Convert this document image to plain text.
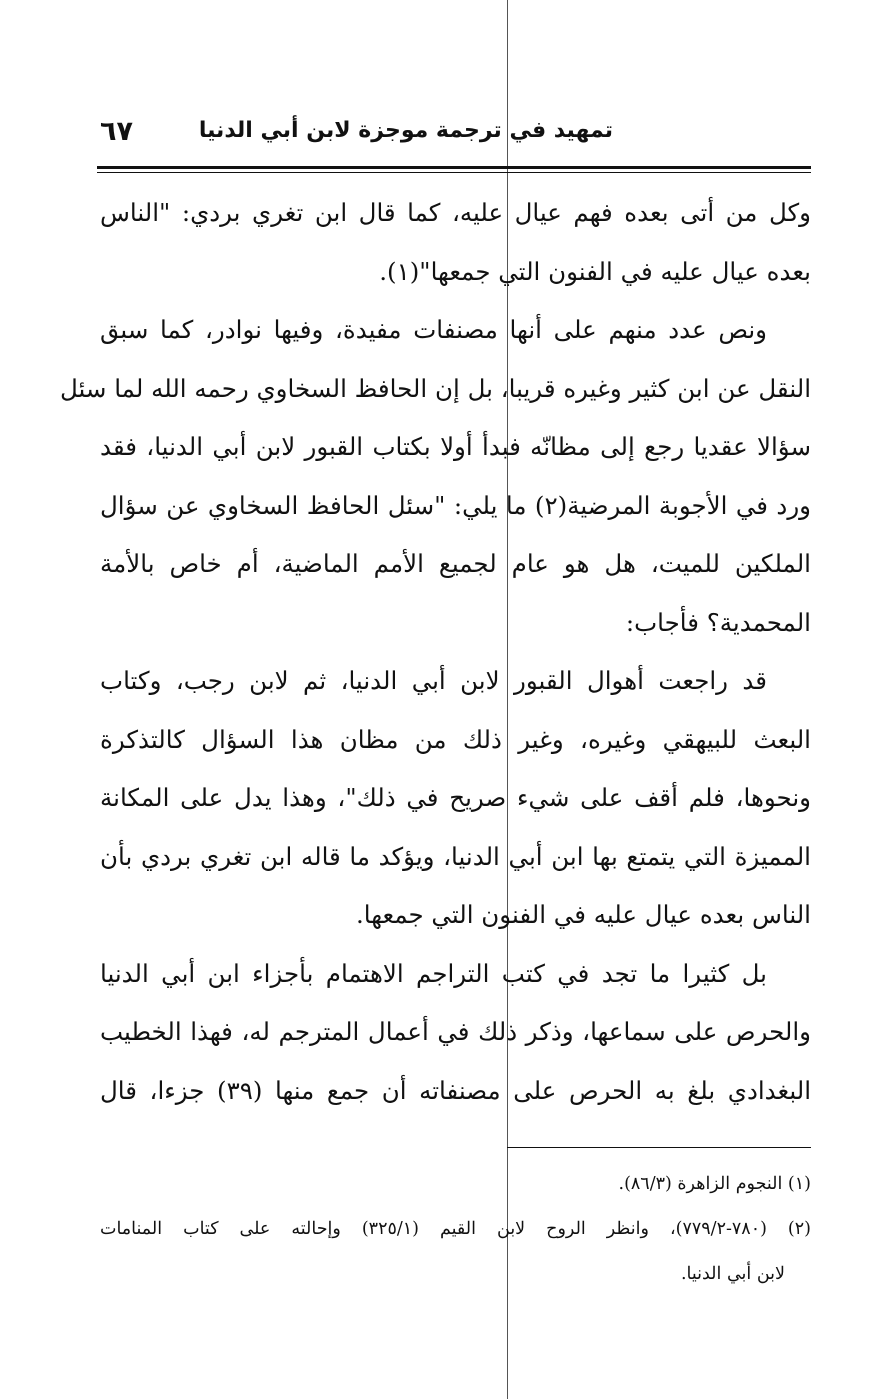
٦٧	تمهيد في ترجمة موجزة لابن أبي الدنيا
وكل من أتى بعده فهم عيال عليه، كما قال ابن تغري بردي: "الناس
بعده عيال عليه في الفنون التي جمعها"(١).
ونص عدد منهم على أنها مصنفات مفيدة، وفيها نوادر، كما سبق
النقل عن ابن كثير وغيره قريبا، بل إن الحافظ السخاوي رحمه الله لما سئل
سؤالا عقديا رجع إلى مظانّه فبدأ أولا بكتاب القبور لابن أبي الدنيا، فقد
ورد في الأجوبة المرضية(٢) ما يلي: "سئل الحافظ السخاوي عن سؤال
الملكين للميت، هل هو عام لجميع الأمم الماضية، أم خاص بالأمة
المحمدية؟ فأجاب:
قد راجعت أهوال القبور لابن أبي الدنيا، ثم لابن رجب، وكتاب
البعث للبيهقي وغيره، وغير ذلك من مظان هذا السؤال كالتذكرة
ونحوها، فلم أقف على شيء صريح في ذلك"، وهذا يدل على المكانة
المميزة التي يتمتع بها ابن أبي الدنيا، ويؤكد ما قاله ابن تغري بردي بأن
الناس بعده عيال عليه في الفنون التي جمعها.
بل كثيرا ما تجد في كتب التراجم الاهتمام بأجزاء ابن أبي الدنيا
والحرص على سماعها، وذكر ذلك في أعمال المترجم له، فهذا الخطيب
البغدادي بلغ به الحرص على مصنفاته أن جمع منها (٣٩) جزءا، قال
(١) النجوم الزاهرة (٨٦/٣).
(٢) (٧٨٠-٧٧٩/٢)، وانظر الروح لابن القيم (٣٢٥/١) وإحالته على كتاب المنامات
لابن أبي الدنيا.
